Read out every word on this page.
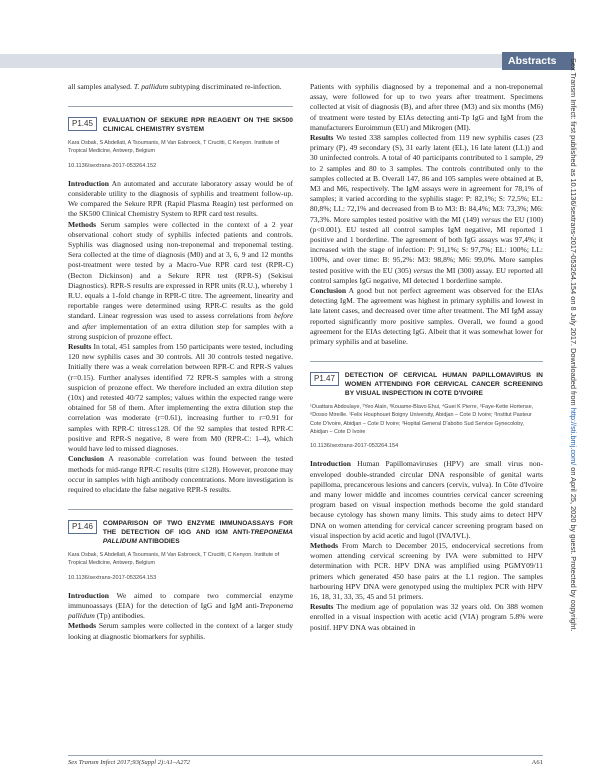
Abstracts	Sex Transm Infect: first published as 10.1136/sextrans-2017-053264.154 on 8 July 2017. Downloaded from http://sti.bmj.com/ on April 25, 2020 by guest. Protected by copyright.

all samples analysed. T. pallidum subtyping discriminated re-infection.

P1.45	EVALUATION OF SEKURE RPR REAGENT ON THE SK500 CLINICAL CHEMISTRY SYSTEM
Kara Osbak, S Abdellati, A Tsoumanis, M Van Esbroeck, T Crucitti, C Kenyon. Institute of Tropical Medicine, Antwerp, Belgium
10.1136/sextrans-2017-053264.152

Introduction An automated and accurate laboratory assay would be of considerable utility to the diagnosis of syphilis and treatment follow-up. We compared the Sekure RPR (Rapid Plasma Reagin) test performed on the SK500 Clinical Chemistry System to RPR card test results.

Methods Serum samples were collected in the context of a 2 year observational cohort study of syphilis infected patients and controls. Syphilis was diagnosed using non-treponemal and treponemal testing. Sera collected at the time of diagnosis (M0) and at 3, 6, 9 and 12 months post-treatment were tested by a Macro-Vue RPR card test (RPR-C) (Becton Dickinson) and a Sekure RPR test (RPR-S) (Sekisui Diagnostics). RPR-S results are expressed in RPR units (R.U.), whereby 1 R.U. equals a 1-fold change in RPR-C titre. The agreement, linearity and reportable ranges were determined using RPR-C results as the gold standard. Linear regression was used to assess correlations from before and after implementation of an extra dilution step for samples with a strong suspicion of prozone effect.

Results In total, 451 samples from 150 participants were tested, including 120 new syphilis cases and 30 controls. All 30 controls tested negative. Initially there was a weak correlation between RPR-C and RPR-S values (r=0.15). Further analyses identified 72 RPR-S samples with a strong suspicion of prozone effect. We therefore included an extra dilution step (10x) and retested 40/72 samples; values within the expected range were obtained for 58 of them. After implementing the extra dilution step the correlation was moderate (r=0.61), increasing further to r=0.91 for samples with RPR-C titres≤128. Of the 92 samples that tested RPR-C positive and RPR-S negative, 8 were from M0 (RPR-C: 1–4), which would have led to missed diagnoses.

Conclusion A reasonable correlation was found between the tested methods for mid-range RPR-C results (titre ≤128). However, prozone may occur in samples with high antibody concentrations. More investigation is required to elucidate the false negative RPR-S results.

P1.46	COMPARISON OF TWO ENZYME IMMUNOASSAYS FOR THE DETECTION OF IGG AND IGM ANTI-TREPONEMA PALLIDUM ANTIBODIES
Kara Osbak, S Abdellati, A Tsoumanis, M Van Esbroeck, T Crucitti, C Kenyon. Institute of Tropical Medicine, Antwerp, Belgium
10.1136/sextrans-2017-053264.153

Introduction We aimed to compare two commercial enzyme immunoassays (EIA) for the detection of IgG and IgM anti-Treponema pallidum (Tp) antibodies.

Methods Serum samples were collected in the context of a larger study looking at diagnostic biomarkers for syphilis.

Patients with syphilis diagnosed by a treponemal and a non-treponemal assay, were followed for up to two years after treatment. Specimens collected at visit of diagnosis (B), and after three (M3) and six months (M6) of treatment were tested by EIAs detecting anti-Tp IgG and IgM from the manufacturers Euroimmun (EU) and Mikrogen (MI).

Results We tested 338 samples collected from 119 new syphilis cases (23 primary (P), 49 secondary (S), 31 early latent (EL), 16 late latent (LL)) and 30 uninfected controls. A total of 40 participants contributed to 1 sample, 29 to 2 samples and 80 to 3 samples. The controls contributed only to the samples collected at B. Overall 147, 86 and 105 samples were obtained at B, M3 and M6, respectively. The IgM assays were in agreement for 78,1% of samples; it varied according to the syphilis stage: P: 82,1%; S: 72,5%; EL: 80,8%; LL: 72,1% and decreased from B to M3: B: 84,4%; M3: 73,3%; M6: 73,3%. More samples tested positive with the MI (149) versus the EU (100) (p<0.001). EU tested all control samples IgM negative, MI reported 1 positive and 1 borderline. The agreement of both IgG assays was 97,4%; it increased with the stage of infection: P: 91,1%; S: 97,7%; EL: 100%; LL: 100%, and over time: B: 95,2%: M3: 98,8%; M6: 99,0%. More samples tested positive with the EU (305) versus the MI (300) assay. EU reported all control samples IgG negative, MI detected 1 borderline sample.

Conclusion A good but not perfect agreement was observed for the EIAs detecting IgM. The agreement was highest in primary syphilis and lowest in late latent cases, and decreased over time after treatment. The MI IgM assay reported significantly more positive samples. Overall, we found a good agreement for the EIAs detecting IgG. Albeit that it was somewhat lower for primary syphilis and at baseline.

P1.47	DETECTION OF CERVICAL HUMAN PAPILLOMAVIRUS IN WOMEN ATTENDING FOR CERVICAL CANCER SCREENING BY VISUAL INSPECTION IN COTE D'IVOIRE
¹Ouattara Abdoulaye, ²Yeo Alain, ³Kouame-Blavo Ehui, ⁴Guei K Pierre, ⁵Faye-Kette Hortense, ⁶Dosso Mireille. ¹Felix Houphouet Boigny University, Abidjan – Cote D Ivoire; ²Institut Pasteur Cote D'ivoire, Abidjan – Cote D Ivoire; ³Hopital General D'abobo Sud Service Gynecoloby, Abidjan – Cote D Ivoire
10.1136/sextrans-2017-053264.154

Introduction Human Papillomaviruses (HPV) are small virus non-enveloped double-stranded circular DNA responsible of genital warts papilloma, precancerous lesions and cancers (cervix, vulva). In Côte d'Ivoire and many lower middle and incomes countries cervical cancer screening program based on visual inspection methods become the gold standard because cytology has shown many limits. This study aims to detect HPV DNA on women attending for cervical cancer screening program based on visual inspection by acid acetic and lugol (IVA/IVL).

Methods From March to December 2015, endocervical secretions from women attending cervical screening by IVA were submitted to HPV determination with PCR. HPV DNA was amplified using PGMY09/11 primers which generated 450 base pairs at the L1 region. The samples harbouring HPV DNA were genotyped using the multiplex PCR with HPV 16, 18, 31, 33, 35, 45 and 51 primers.

Results The medium age of population was 32 years old. On 388 women enrolled in a visual inspection with acetic acid (VIA) program 5.8% were positif. HPV DNA was obtained in

Sex Transm Infect 2017;93(Suppl 2):A1–A272	A61
